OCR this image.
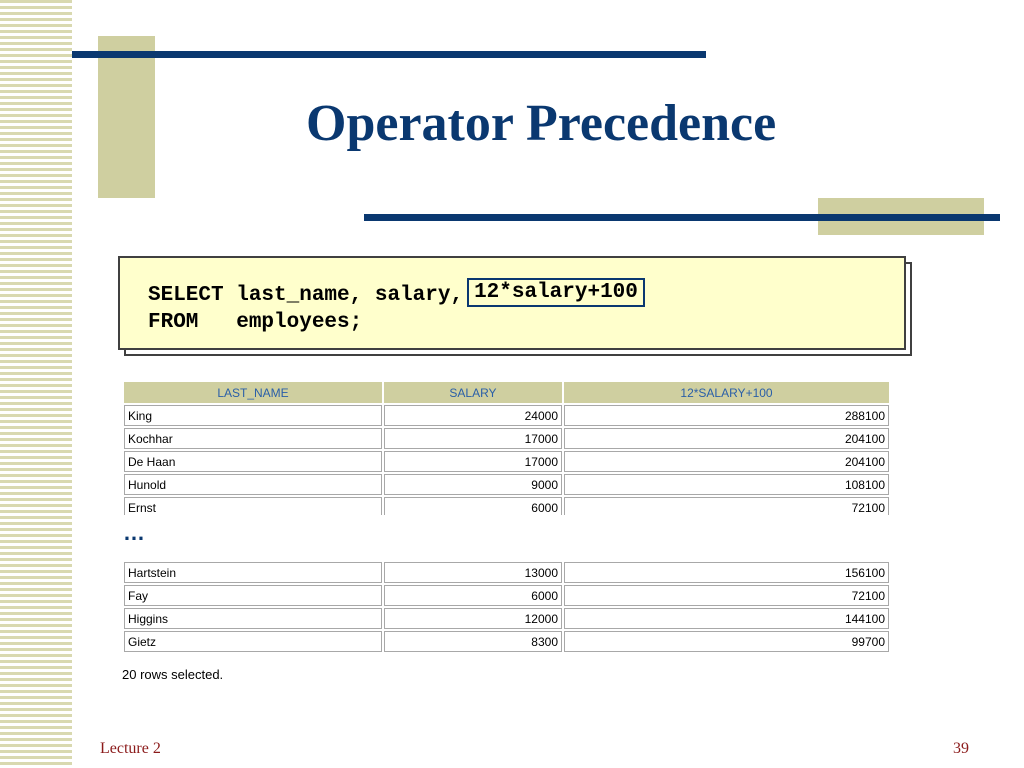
Operator Precedence
SELECT last_name, salary, 12*salary+100
FROM   employees;
LAST_NAME	SALARY	12*SALARY+100
King	24000	288100
Kochhar	17000	204100
De Haan	17000	204100
Hunold	9000	108100
Ernst	6000	72100
…
Hartstein	13000	156100
Fay	6000	72100
Higgins	12000	144100
Gietz	8300	99700
20 rows selected.
Lecture 2	39
